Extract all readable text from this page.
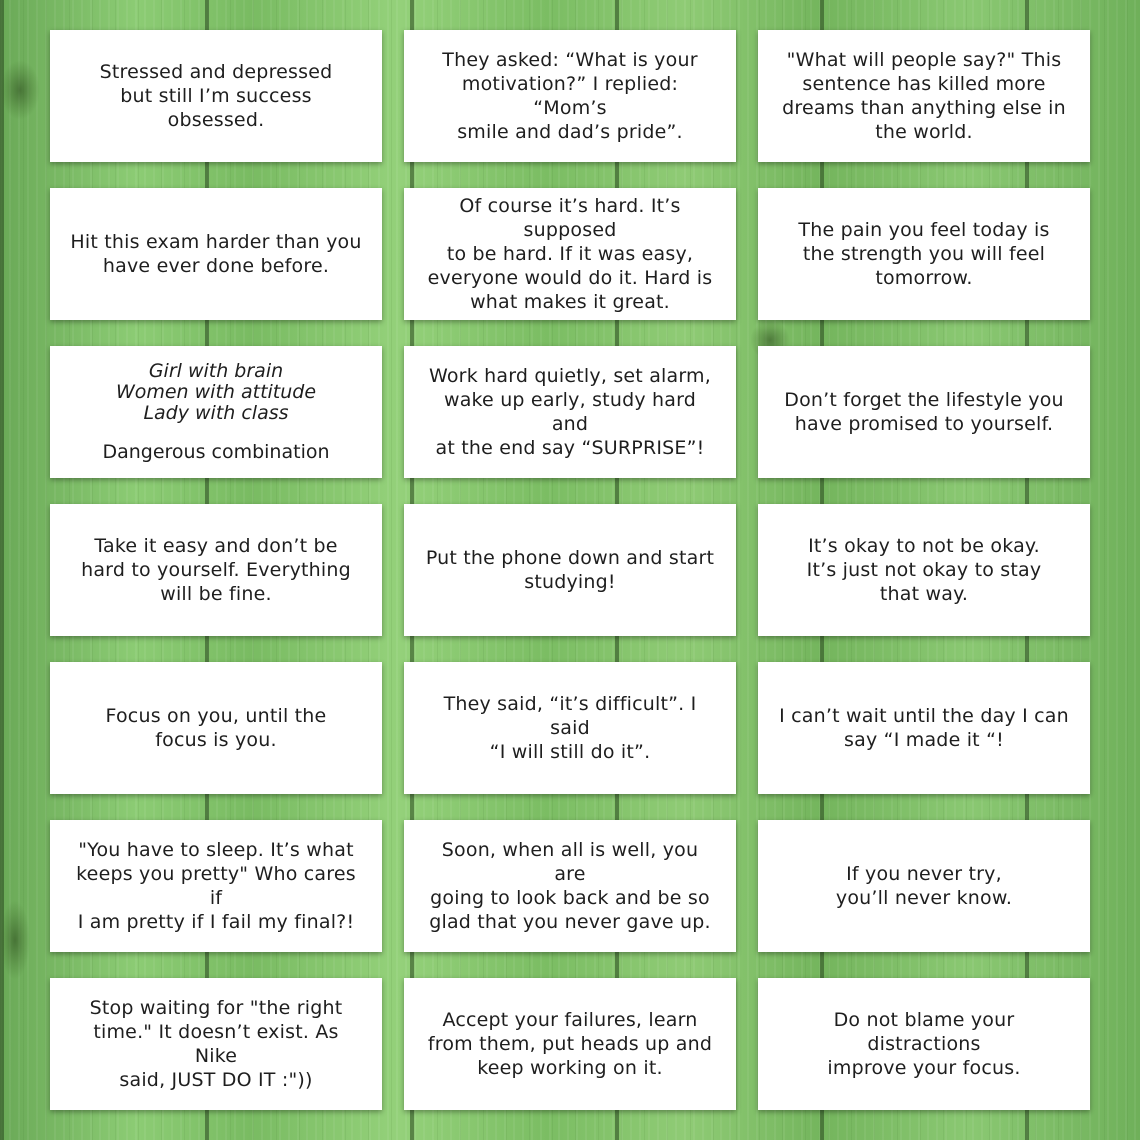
Stressed and depressed
but still I’m success
obsessed.
They asked: “What is your
motivation?” I replied: “Mom’s
smile and dad’s pride”.
"What will people say?" This
sentence has killed more
dreams than anything else in
the world.
Hit this exam harder than you
have ever done before.
Of course it’s hard. It’s supposed
to be hard. If it was easy,
everyone would do it. Hard is
what makes it great.
The pain you feel today is
the strength you will feel
tomorrow.
Girl with brain
Women with attitude
Lady with class
Dangerous combination
Work hard quietly, set alarm,
wake up early, study hard and
at the end say “SURPRISE”!
Don’t forget the lifestyle you
have promised to yourself.
Take it easy and don’t be
hard to yourself. Everything
will be fine.
Put the phone down and start
studying!
It’s okay to not be okay.
It’s just not okay to stay
that way.
Focus on you, until the
focus is you.
They said, “it’s difficult”. I said
“I will still do it”.
I can’t wait until the day I can
say “I made it “!
"You have to sleep. It’s what
keeps you pretty" Who cares if
I am pretty if I fail my final?!
Soon, when all is well, you are
going to look back and be so
glad that you never gave up.
If you never try,
you’ll never know.
Stop waiting for "the right
time." It doesn’t exist. As Nike
said, JUST DO IT :"))
Accept your failures, learn
from them, put heads up and
keep working on it.
Do not blame your distractions
improve your focus.
